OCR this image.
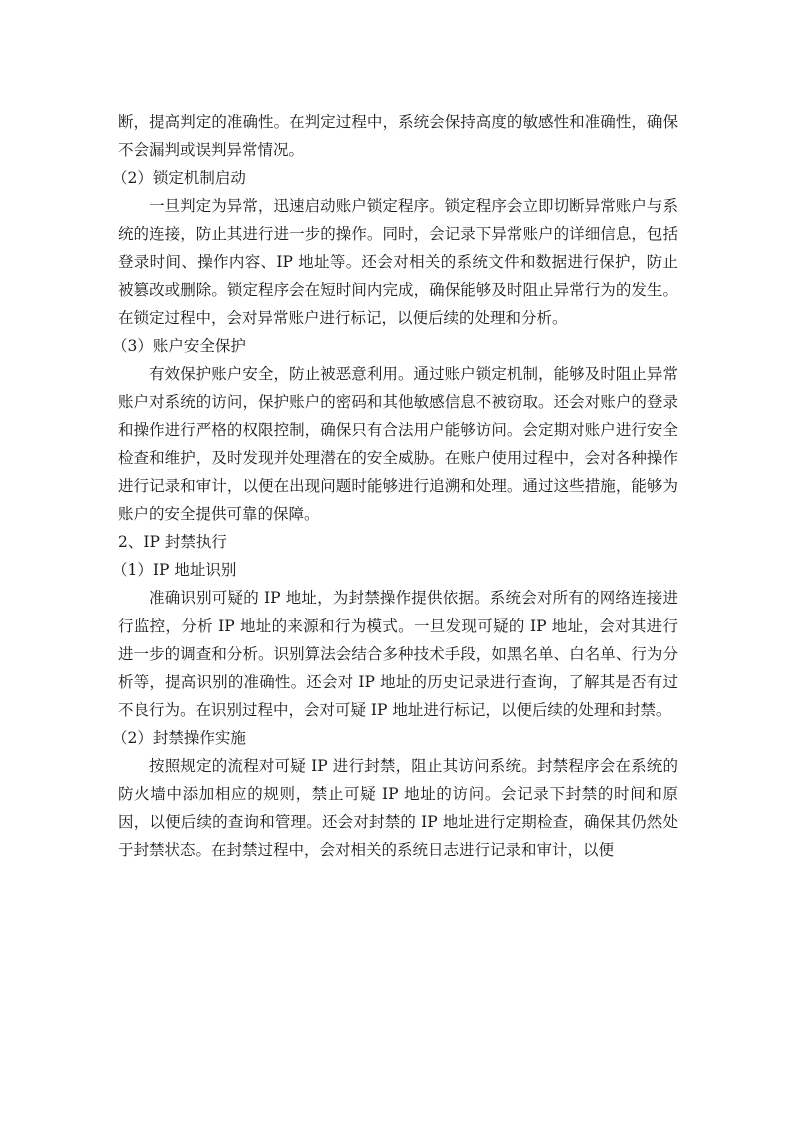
断，提高判定的准确性。在判定过程中，系统会保持高度的敏感性和准确性，确保不会漏判或误判异常情况。

（2）锁定机制启动

一旦判定为异常，迅速启动账户锁定程序。锁定程序会立即切断异常账户与系统的连接，防止其进行进一步的操作。同时，会记录下异常账户的详细信息，包括登录时间、操作内容、IP 地址等。还会对相关的系统文件和数据进行保护，防止被篡改或删除。锁定程序会在短时间内完成，确保能够及时阻止异常行为的发生。在锁定过程中，会对异常账户进行标记，以便后续的处理和分析。

（3）账户安全保护

有效保护账户安全，防止被恶意利用。通过账户锁定机制，能够及时阻止异常账户对系统的访问，保护账户的密码和其他敏感信息不被窃取。还会对账户的登录和操作进行严格的权限控制，确保只有合法用户能够访问。会定期对账户进行安全检查和维护，及时发现并处理潜在的安全威胁。在账户使用过程中，会对各种操作进行记录和审计，以便在出现问题时能够进行追溯和处理。通过这些措施，能够为账户的安全提供可靠的保障。

2、IP 封禁执行

（1）IP 地址识别

准确识别可疑的 IP 地址，为封禁操作提供依据。系统会对所有的网络连接进行监控，分析 IP 地址的来源和行为模式。一旦发现可疑的 IP 地址，会对其进行进一步的调查和分析。识别算法会结合多种技术手段，如黑名单、白名单、行为分析等，提高识别的准确性。还会对 IP 地址的历史记录进行查询，了解其是否有过不良行为。在识别过程中，会对可疑 IP 地址进行标记，以便后续的处理和封禁。

（2）封禁操作实施

按照规定的流程对可疑 IP 进行封禁，阻止其访问系统。封禁程序会在系统的防火墙中添加相应的规则，禁止可疑 IP 地址的访问。会记录下封禁的时间和原因，以便后续的查询和管理。还会对封禁的 IP 地址进行定期检查，确保其仍然处于封禁状态。在封禁过程中，会对相关的系统日志进行记录和审计，以便
